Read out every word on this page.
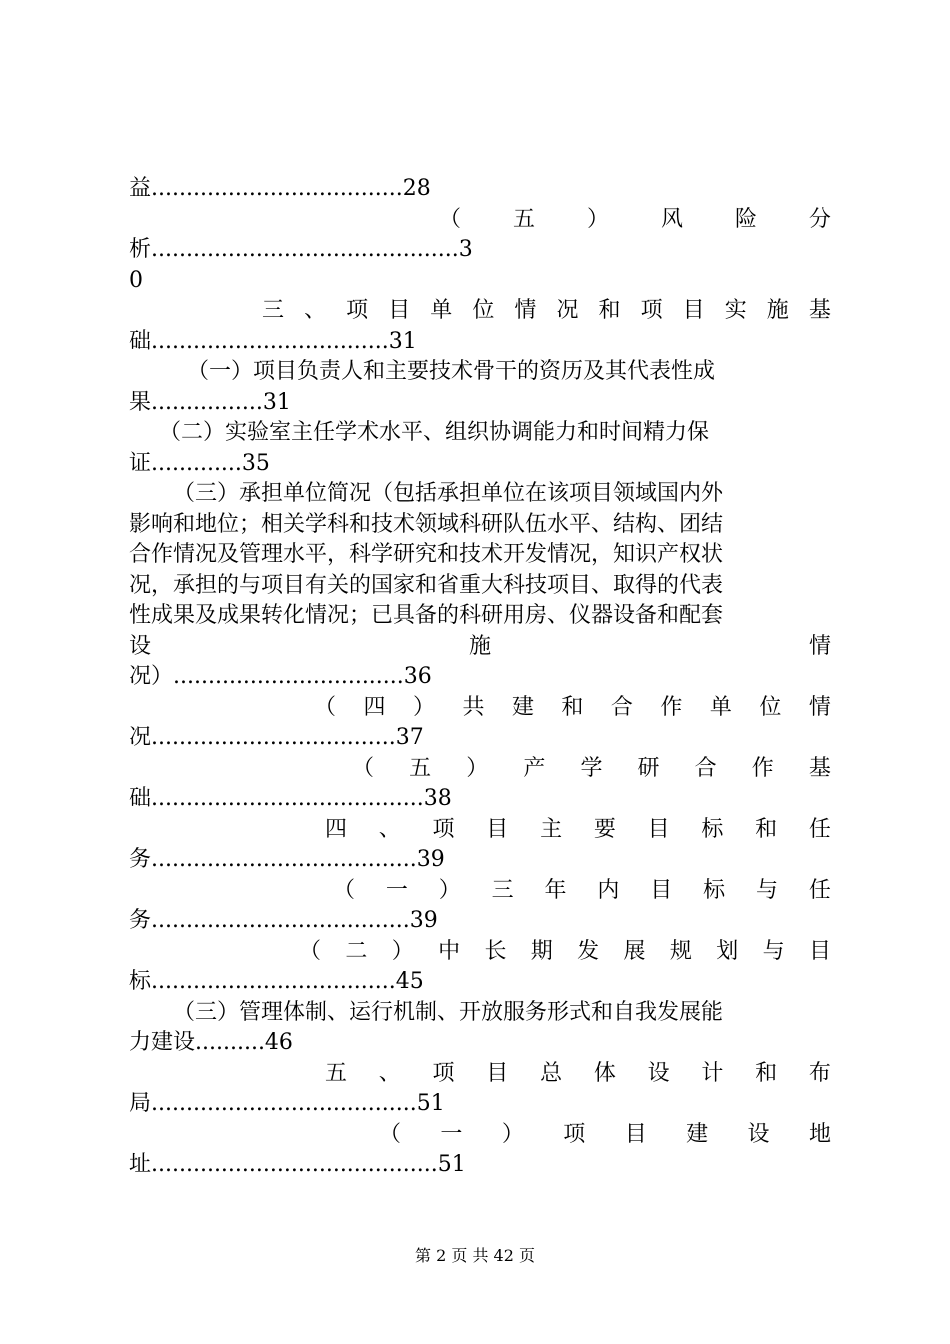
益....................................28
（ 五 ） 风 险 分
析............................................3
0
三 、 项 目 单 位 情 况 和 项 目 实 施 基
础..................................31
（一）项目负责人和主要技术骨干的资历及其代表性成
果................31
（二）实验室主任学术水平、组织协调能力和时间精力保
证.............35
（三）承担单位简况（包括承担单位在该项目领域国内外
影响和地位；相关学科和技术领域科研队伍水平、结构、团结
合作情况及管理水平，科学研究和技术开发情况，知识产权状
况，承担的与项目有关的国家和省重大科技项目、取得的代表
性成果及成果转化情况；已具备的科研用房、仪器设备和配套
设	施	情
况）.................................36
（ 四 ） 共 建 和 合 作 单 位 情
况...................................37
（ 五 ） 产 学 研 合 作 基
础.......................................38
四 、 项 目 主 要 目 标 和 任
务......................................39
（ 一 ） 三 年 内 目 标 与 任
务.....................................39
（ 二 ） 中 长 期 发 展 规 划 与 目
标...................................45
（三）管理体制、运行机制、开放服务形式和自我发展能
力建设..........46
五 、 项 目 总 体 设 计 和 布
局......................................51
（ 一 ） 项 目 建 设 地
址.........................................51
第 2 页 共 42 页
